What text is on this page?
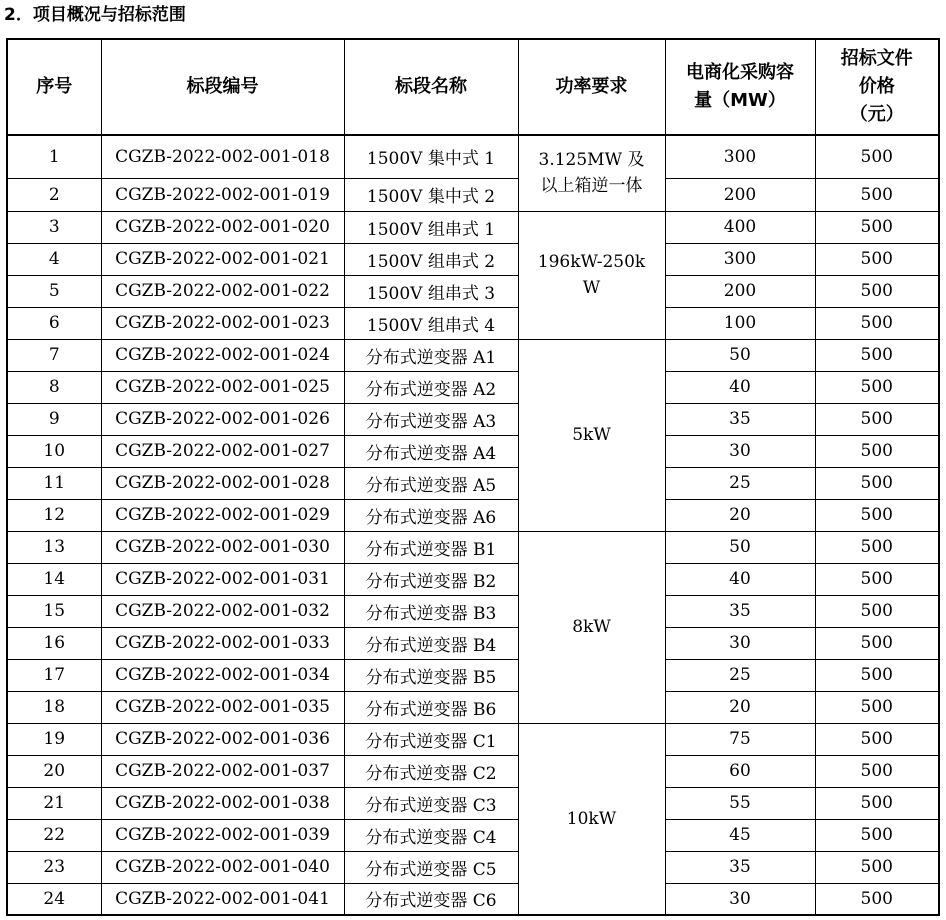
2．项目概况与招标范围
序号	标段编号	标段名称	功率要求	电商化采购容量（MW）	招标文件价格（元）
1	CGZB-2022-002-001-018	1500V 集中式 1	3.125MW 及以上箱逆一体	300	500
2	CGZB-2022-002-001-019	1500V 集中式 2		200	500
3	CGZB-2022-002-001-020	1500V 组串式 1	196kW-250kW	400	500
4	CGZB-2022-002-001-021	1500V 组串式 2		300	500
5	CGZB-2022-002-001-022	1500V 组串式 3		200	500
6	CGZB-2022-002-001-023	1500V 组串式 4		100	500
7	CGZB-2022-002-001-024	分布式逆变器 A1	5kW	50	500
8	CGZB-2022-002-001-025	分布式逆变器 A2		40	500
9	CGZB-2022-002-001-026	分布式逆变器 A3		35	500
10	CGZB-2022-002-001-027	分布式逆变器 A4		30	500
11	CGZB-2022-002-001-028	分布式逆变器 A5		25	500
12	CGZB-2022-002-001-029	分布式逆变器 A6		20	500
13	CGZB-2022-002-001-030	分布式逆变器 B1	8kW	50	500
14	CGZB-2022-002-001-031	分布式逆变器 B2		40	500
15	CGZB-2022-002-001-032	分布式逆变器 B3		35	500
16	CGZB-2022-002-001-033	分布式逆变器 B4		30	500
17	CGZB-2022-002-001-034	分布式逆变器 B5		25	500
18	CGZB-2022-002-001-035	分布式逆变器 B6		20	500
19	CGZB-2022-002-001-036	分布式逆变器 C1	10kW	75	500
20	CGZB-2022-002-001-037	分布式逆变器 C2		60	500
21	CGZB-2022-002-001-038	分布式逆变器 C3		55	500
22	CGZB-2022-002-001-039	分布式逆变器 C4		45	500
23	CGZB-2022-002-001-040	分布式逆变器 C5		35	500
24	CGZB-2022-002-001-041	分布式逆变器 C6		30	500
